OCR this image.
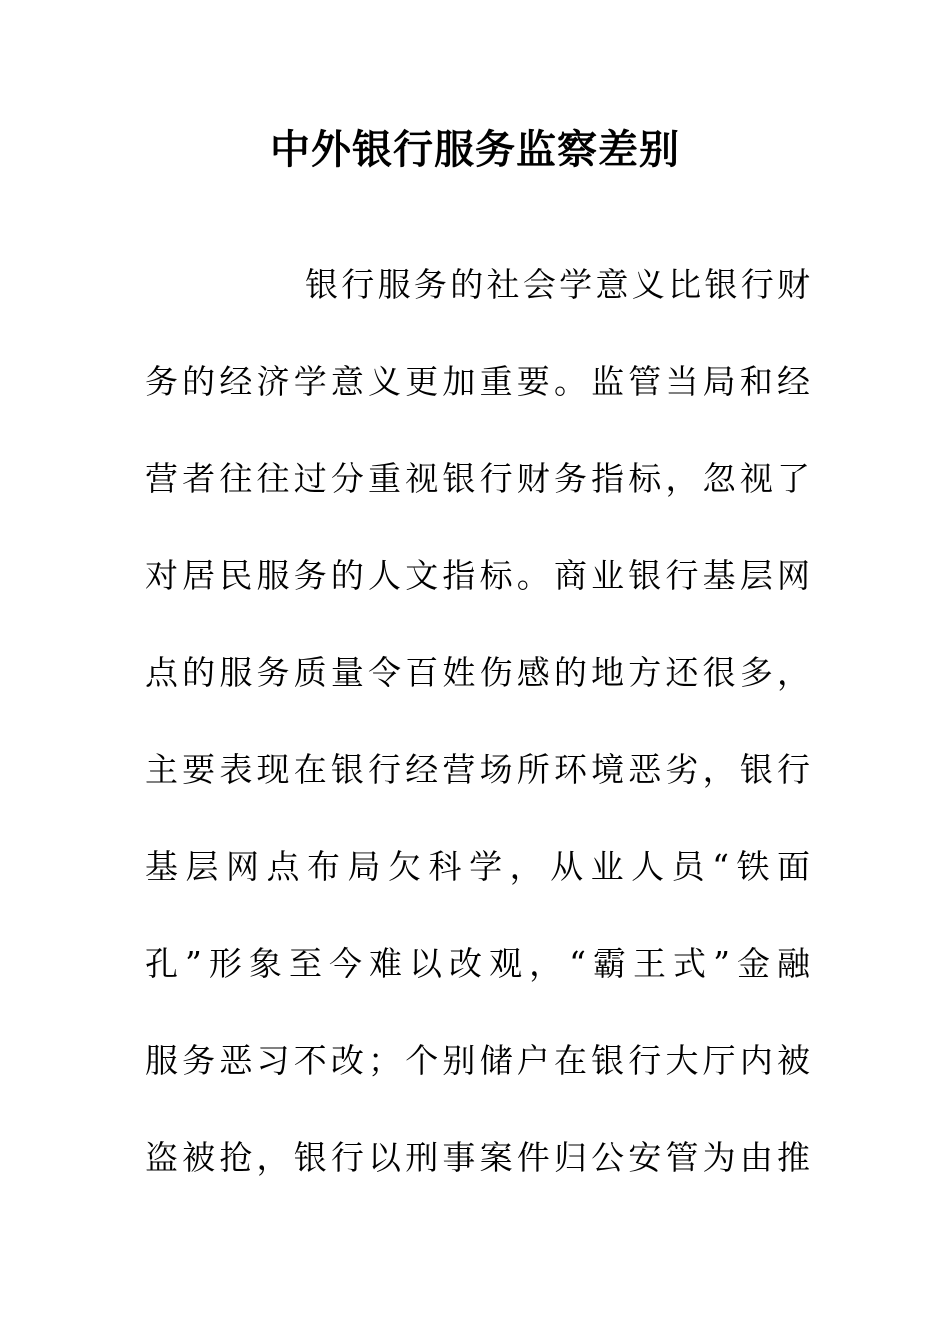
中外银行服务监察差别
银行服务的社会学意义比银行财
务的经济学意义更加重要。监管当局和经
营者往往过分重视银行财务指标，忽视了
对居民服务的人文指标。商业银行基层网
点的服务质量令百姓伤感的地方还很多，
主要表现在银行经营场所环境恶劣，银行
基层网点布局欠科学，从业人员“铁面
孔”形象至今难以改观，“霸王式”金融
服务恶习不改；个别储户在银行大厅内被
盗被抢，银行以刑事案件归公安管为由推
